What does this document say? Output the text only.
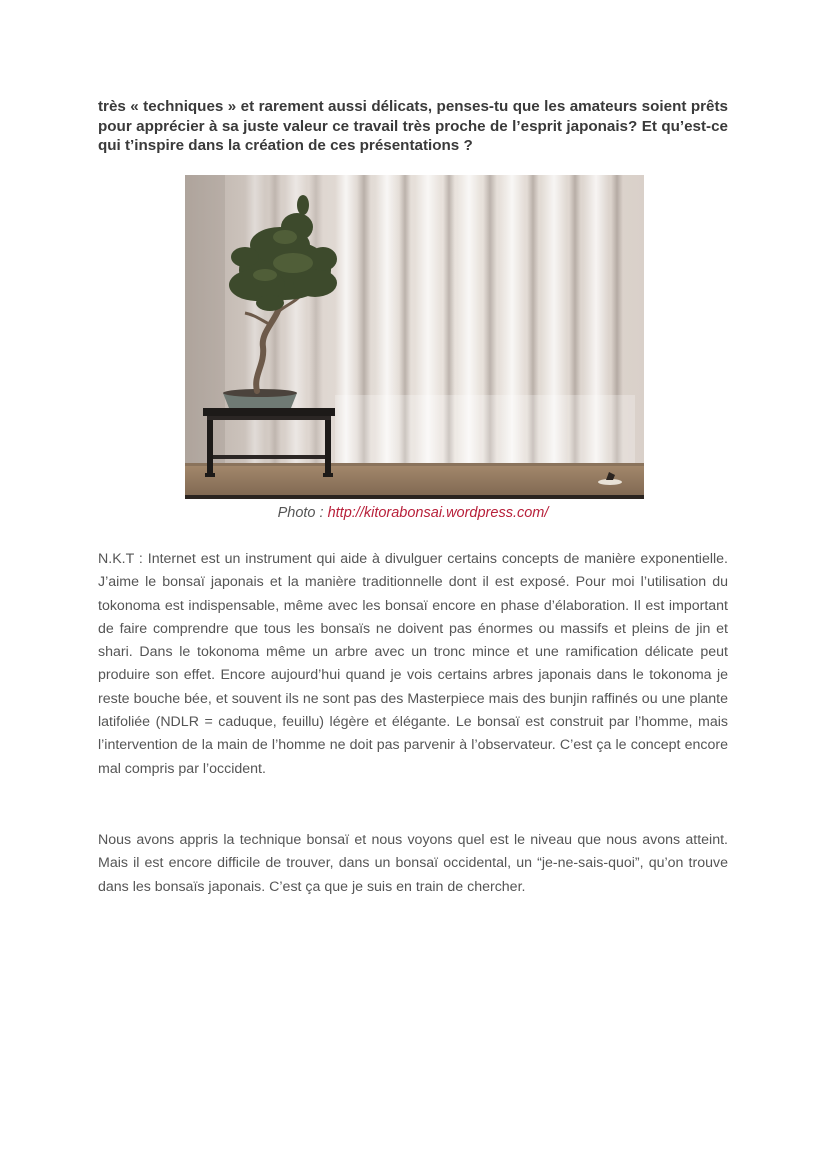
très « techniques » et rarement aussi délicats, penses-tu que les amateurs soient prêts pour apprécier à sa juste valeur ce travail très proche de l’esprit japonais? Et qu’est-ce qui t’inspire dans la création de ces présentations ?
Photo : http://kitorabonsai.wordpress.com/

N.K.T : Internet est un instrument qui aide à divulguer certains concepts de manière exponentielle. J’aime le bonsaï japonais et la manière traditionnelle dont il est exposé. Pour moi l’utilisation du tokonoma est indispensable, même avec les bonsaï encore en phase d’élaboration. Il est important de faire comprendre que tous les bonsaïs ne doivent pas énormes ou massifs et pleins de jin et shari. Dans le tokonoma même un arbre avec un tronc mince et une ramification délicate peut produire son effet. Encore aujourd’hui quand je vois certains arbres japonais dans le tokonoma je reste bouche bée, et souvent ils ne sont pas des Masterpiece mais des bunjin raffinés ou une plante latifoliée (NDLR = caduque, feuillu) légère et élégante. Le bonsaï est construit par l’homme, mais l’intervention de la main de l’homme ne doit pas parvenir à l’observateur. C’est ça le concept encore mal compris par l’occident.

Nous avons appris la technique bonsaï et nous voyons quel est le niveau que nous avons atteint. Mais il est encore difficile de trouver, dans un bonsaï occidental, un “je-ne-sais-quoi”, qu’on trouve dans les bonsaïs japonais. C’est ça que je suis en train de chercher.
